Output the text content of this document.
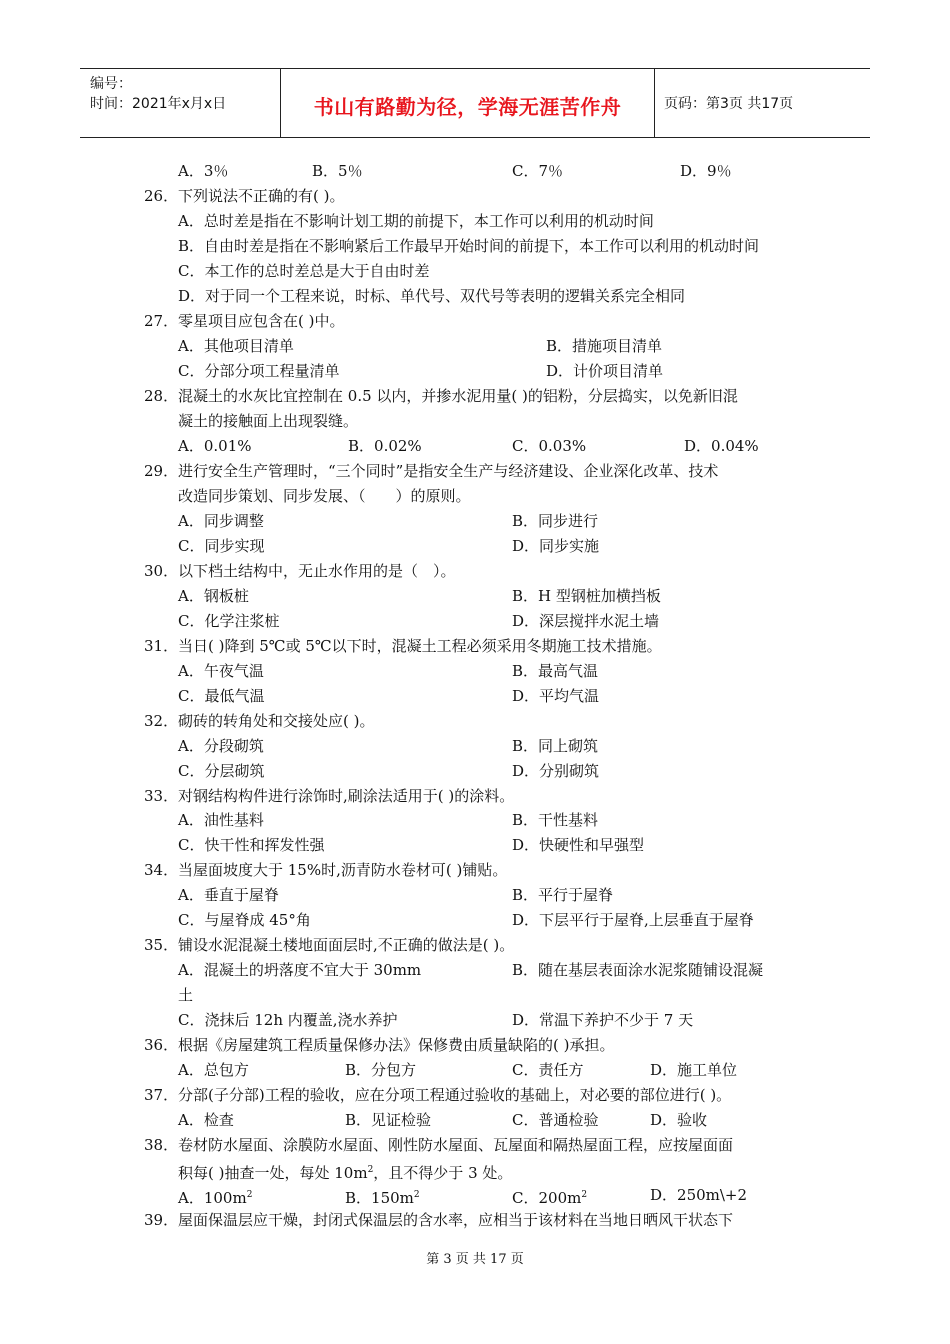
编号：
时间：2021年x月x日	书山有路勤为径，学海无涯苦作舟	页码：第3页 共17页
A．3％	B．5％	C．7％	D．9％
26． 下列说法不正确的有( )。
A．总时差是指在不影响计划工期的前提下，本工作可以利用的机动时间
B．自由时差是指在不影响紧后工作最早开始时间的前提下，本工作可以利用的机动时间
C．本工作的总时差总是大于自由时差
D．对于同一个工程来说，时标、单代号、双代号等表明的逻辑关系完全相同
27． 零星项目应包含在( )中。
A．其他项目清单	B．措施项目清单
C．分部分项工程量清单	D．计价项目清单
28． 混凝土的水灰比宜控制在 0.5 以内，并掺水泥用量( )的铝粉，分层捣实，以免新旧混
凝土的接触面上出现裂缝。
A．0.01%	B．0.02%	C．0.03%	D．0.04%
29． 进行安全生产管理时，“三个同时”是指安全生产与经济建设、企业深化改革、技术
改造同步策划、同步发展、（　　）的原则。
A．同步调整	B．同步进行
C．同步实现	D．同步实施
30． 以下档土结构中，无止水作用的是（　）。
A．钢板桩	B．H 型钢桩加横挡板
C．化学注浆桩	D．深层搅拌水泥土墙
31． 当日( )降到 5℃或 5℃以下时，混凝土工程必须采用冬期施工技术措施。
A．午夜气温	B．最高气温
C．最低气温	D．平均气温
32． 砌砖的转角处和交接处应( )。
A．分段砌筑	B．同上砌筑
C．分层砌筑	D．分别砌筑
33． 对钢结构构件进行涂饰时,刷涂法适用于( )的涂料。
A．油性基料	B．干性基料
C．快干性和挥发性强	D．快硬性和早强型
34． 当屋面坡度大于 15%时,沥青防水卷材可( )铺贴。
A．垂直于屋脊	B．平行于屋脊
C．与屋脊成 45°角	D．下层平行于屋脊,上层垂直于屋脊
35． 铺设水泥混凝土楼地面面层时,不正确的做法是( )。
A．混凝土的坍落度不宜大于 30mm	B．随在基层表面涂水泥浆随铺设混凝
土
C．浇抹后 12h 内覆盖,浇水养护	D．常温下养护不少于 7 天
36． 根据《房屋建筑工程质量保修办法》保修费由质量缺陷的( )承担。
A．总包方	B．分包方	C．责任方	D．施工单位
37． 分部(子分部)工程的验收，应在分项工程通过验收的基础上，对必要的部位进行( )。
A．检查	B．见证检验	C．普通检验	D．验收
38． 卷材防水屋面、涂膜防水屋面、刚性防水屋面、瓦屋面和隔热屋面工程，应按屋面面
积每( )抽查一处，每处 $10m^2$，且不得少于 3 处。
A．$100m^2$	B．$150m^2$	C．$200m^2$	D．250m\+2
39． 屋面保温层应干燥，封闭式保温层的含水率，应相当于该材料在当地日晒风干状态下
第 3 页 共 17 页
